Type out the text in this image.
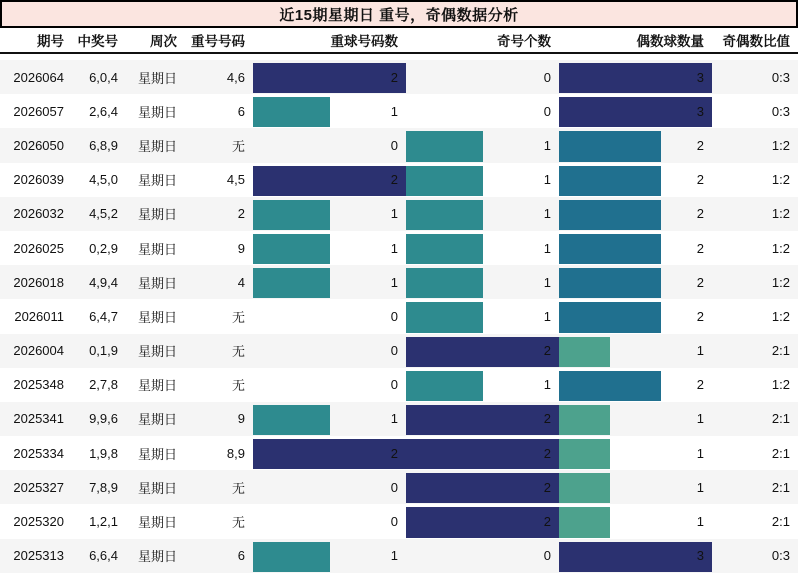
近15期星期日 重号，奇偶数据分析
期号	中奖号	周次	重号号码	重球号码数	奇号个数	偶数球数量	奇偶数比值
2026064 6,0,4 星期日	4,6	2	0	3	0:3
2026057 2,6,4 星期日	6	1	0	3	0:3
2026050 6,8,9 星期日	无	0	1	2	1:2
2026039 4,5,0 星期日	4,5	2	1	2	1:2
2026032 4,5,2 星期日	2	1	1	2	1:2
2026025 0,2,9 星期日	9	1	1	2	1:2
2026018 4,9,4 星期日	4	1	1	2	1:2
2026011 6,4,7 星期日	无	0	1	2	1:2
2026004 0,1,9 星期日	无	0	2	1	2:1
2025348 2,7,8 星期日	无	0	1	2	1:2
2025341 9,9,6 星期日	9	1	2	1	2:1
2025334 1,9,8 星期日	8,9	2	2	1	2:1
2025327 7,8,9 星期日	无	0	2	1	2:1
2025320 1,2,1 星期日	无	0	2	1	2:1
2025313 6,6,4 星期日	6	1	0	3	0:3
